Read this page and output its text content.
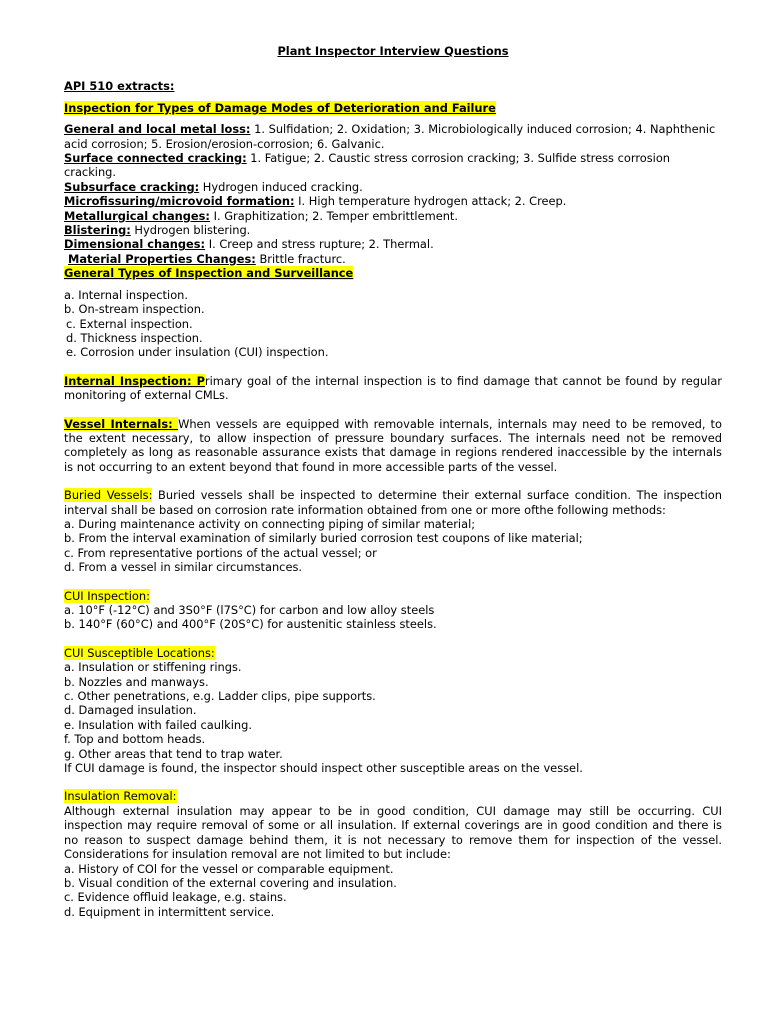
Plant Inspector Interview Questions

API 510 extracts:

Inspection for Types of Damage Modes of Deterioration and Failure

General and local metal loss: 1. Sulfidation; 2. Oxidation; 3. Microbiologically induced corrosion; 4. Naphthenic acid corrosion; 5. Erosion/erosion-corrosion; 6. Galvanic.

Surface connected cracking: 1. Fatigue; 2. Caustic stress corrosion cracking; 3. Sulfide stress corrosion cracking.

Subsurface cracking: Hydrogen induced cracking.

Microfissuring/microvoid formation: I. High temperature hydrogen attack; 2. Creep.

Metallurgical changes: I. Graphitization; 2. Temper embrittlement.

Blistering: Hydrogen blistering.

Dimensional changes: I. Creep and stress rupture; 2. Thermal.

Material Properties Changes: Brittle fracturc.

General Types of Inspection and Surveillance

a. Internal inspection.

b. On-stream inspection.

c. External inspection.

d. Thickness inspection.

e. Corrosion under insulation (CUI) inspection.

Internal Inspection: Primary goal of the internal inspection is to find damage that cannot be found by regular monitoring of external CMLs.

Vessel Internals: When vessels are equipped with removable internals, internals may need to be removed, to the extent necessary, to allow inspection of pressure boundary surfaces. The internals need not be removed completely as long as reasonable assurance exists that damage in regions rendered inaccessible by the internals is not occurring to an extent beyond that found in more accessible parts of the vessel.

Buried Vessels: Buried vessels shall be inspected to determine their external surface condition. The inspection interval shall be based on corrosion rate information obtained from one or more ofthe following methods:

a. During maintenance activity on connecting piping of similar material;

b. From the interval examination of similarly buried corrosion test coupons of like material;

c. From representative portions of the actual vessel; or

d. From a vessel in similar circumstances.

CUI Inspection:

a. 10°F (-12°C) and 3S0°F (l7S°C) for carbon and low alloy steels

b. 140°F (60°C) and 400°F (20S°C) for austenitic stainless steels.

CUI Susceptible Locations:

a. Insulation or stiffening rings.

b. Nozzles and manways.

c. Other penetrations, e.g. Ladder clips, pipe supports.

d. Damaged insulation.

e. Insulation with failed caulking.

f. Top and bottom heads.

g. Other areas that tend to trap water.

If CUI damage is found, the inspector should inspect other susceptible areas on the vessel.

Insulation Removal:

Although external insulation may appear to be in good condition, CUI damage may still be occurring. CUI inspection may require removal of some or all insulation. If external coverings are in good condition and there is no reason to suspect damage behind them, it is not necessary to remove them for inspection of the vessel. Considerations for insulation removal are not limited to but include:

a. History of COl for the vessel or comparable equipment.

b. Visual condition of the external covering and insulation.

c. Evidence offluid leakage, e.g. stains.

d. Equipment in intermittent service.
